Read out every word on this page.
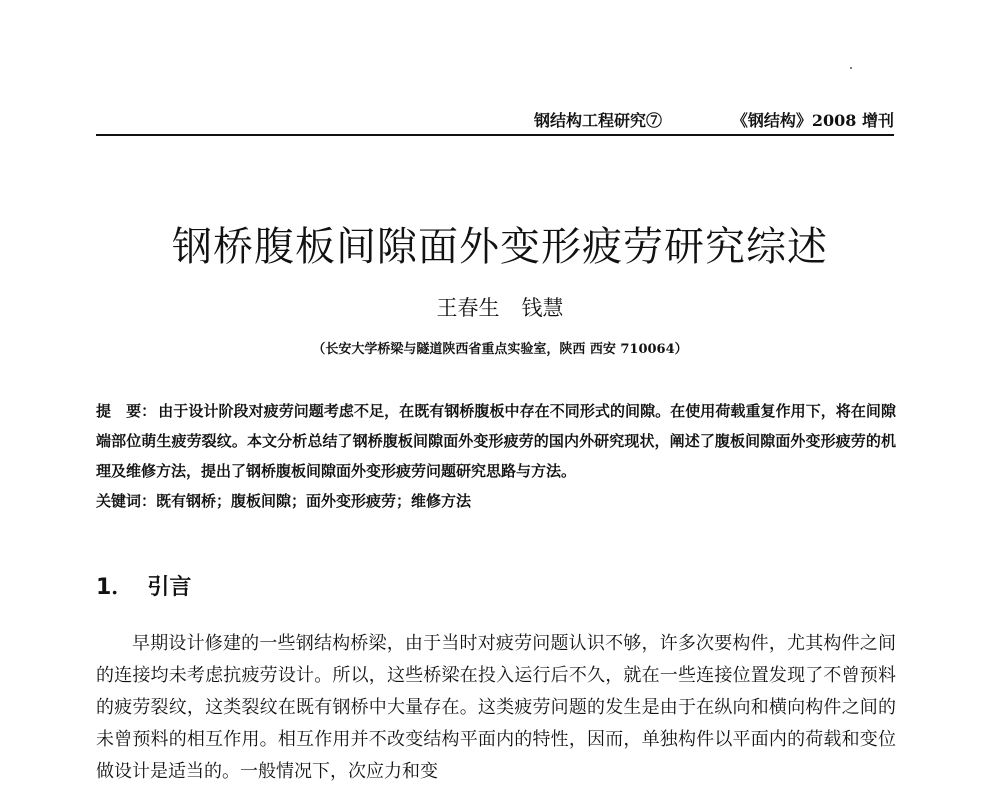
钢结构工程研究⑦	《钢结构》2008 增刊
钢桥腹板间隙面外变形疲劳研究综述
王春生 钱慧
（长安大学桥梁与隧道陕西省重点实验室，陕西 西安 710064）
提　要： 由于设计阶段对疲劳问题考虑不足，在既有钢桥腹板中存在不同形式的间隙。在使用荷载重复作用下，将在间隙端部位萌生疲劳裂纹。本文分析总结了钢桥腹板间隙面外变形疲劳的国内外研究现状，阐述了腹板间隙面外变形疲劳的机理及维修方法，提出了钢桥腹板间隙面外变形疲劳问题研究思路与方法。
关键词：既有钢桥；腹板间隙；面外变形疲劳；维修方法
1． 引言

早期设计修建的一些钢结构桥梁，由于当时对疲劳问题认识不够，许多次要构件，尤其构件之间的连接均未考虑抗疲劳设计。所以，这些桥梁在投入运行后不久，就在一些连接位置发现了不曾预料的疲劳裂纹，这类裂纹在既有钢桥中大量存在。这类疲劳问题的发生是由于在纵向和横向构件之间的未曾预料的相互作用。相互作用并不改变结构平面内的特性，因而，单独构件以平面内的荷载和变位做设计是适当的。一般情况下，次应力和变
